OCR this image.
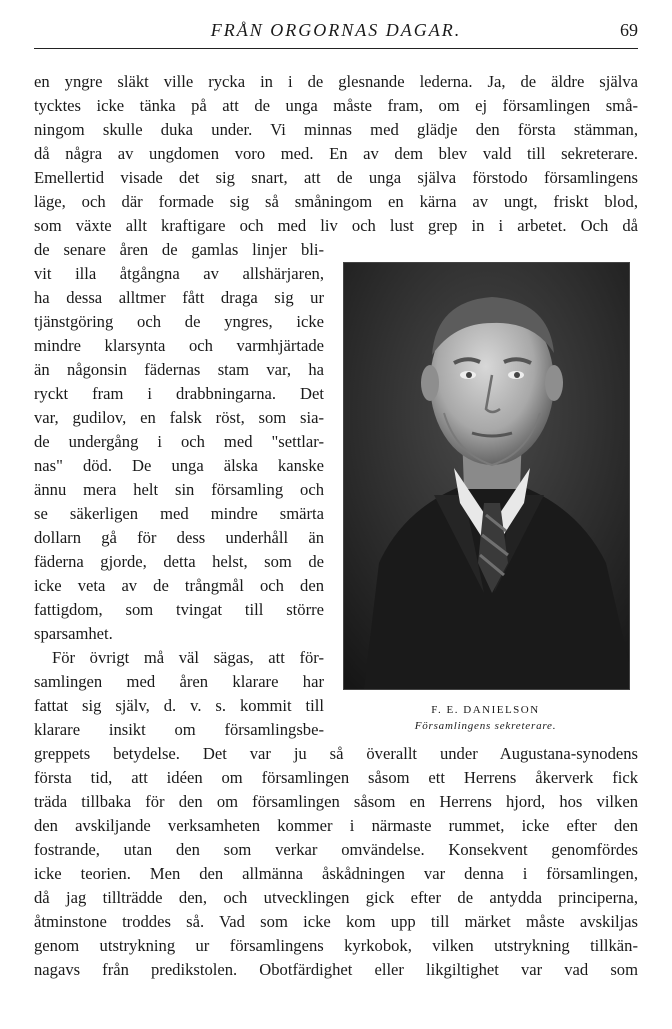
FRÅN ORGORNAS DAGAR.	69
en yngre släkt ville rycka in i de glesnande lederna. Ja, de äldre själva
tycktes icke tänka på att de unga måste fram, om ej församlingen små-
ningom skulle duka under. Vi minnas med glädje den första stämman,
då några av ungdomen voro med. En av dem blev vald till sekreterare.
Emellertid visade det sig snart, att de unga själva förstodo församlingens
läge, och där formade sig så småningom en kärna av ungt, friskt blod,
som växte allt kraftigare och med liv och lust grep in i arbetet. Och då
de senare åren de gamlas linjer bli-
vit illa åtgångna av allshärjaren,
ha dessa alltmer fått draga sig ur
tjänstgöring och de yngres, icke
mindre klarsynta och varmhjärtade
än någonsin fädernas stam var, ha
ryckt fram i drabbningarna. Det
var, gudilov, en falsk röst, som sia-
de undergång i och med "settlar-
nas" död. De unga älska kanske
ännu mera helt sin församling och
se säkerligen med mindre smärta
dollarn gå för dess underhåll än
fäderna gjorde, detta helst, som de
icke veta av de trångmål och den
fattigdom, som tvingat till större
sparsamhet.
För övrigt må väl sägas, att för-
samlingen med åren klarare har
fattat sig själv, d. v. s. kommit till
klarare insikt om församlingsbe-
greppets betydelse. Det var ju så överallt under Augustana-synodens
första tid, att idéen om församlingen såsom ett Herrens åkerverk fick
träda tillbaka för den om församlingen såsom en Herrens hjord, hos vilken
den avskiljande verksamheten kommer i närmaste rummet, icke efter den
fostrande, utan den som verkar omvändelse. Konsekvent genomfördes
icke teorien. Men den allmänna åskådningen var denna i församlingen,
då jag tillträdde den, och utvecklingen gick efter de antydda principerna,
åtminstone troddes så. Vad som icke kom upp till märket måste avskiljas
genom utstrykning ur församlingens kyrkobok, vilken utstrykning tillkän-
nagavs från predikstolen. Obotfärdighet eller likgiltighet var vad som
F. E. DANIELSON
Församlingens sekreterare.
